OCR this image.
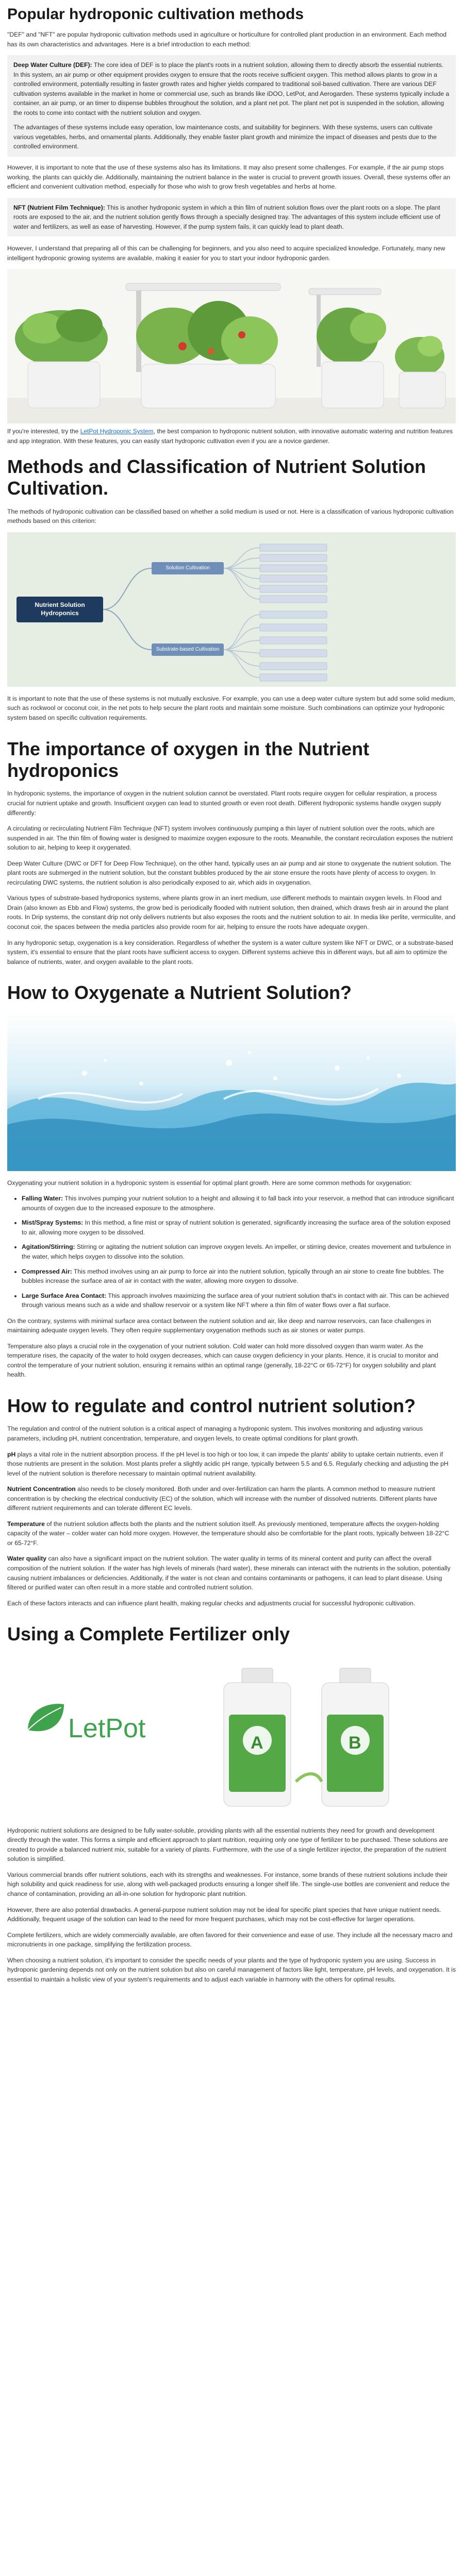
Popular hydroponic cultivation methods

"DEF" and "NFT" are popular hydroponic cultivation methods used in agriculture or horticulture for controlled plant production in an environment. Each method has its own characteristics and advantages. Here is a brief introduction to each method:

Deep Water Culture (DEF): The core idea of DEF is to place the plant's roots in a nutrient solution, allowing them to directly absorb the essential nutrients. In this system, an air pump or other equipment provides oxygen to ensure that the roots receive sufficient oxygen. This method allows plants to grow in a controlled environment, potentially resulting in faster growth rates and higher yields compared to traditional soil-based cultivation. There are various DEF cultivation systems available in the market in home or commercial use, such as brands like iDOO, LetPot, and Aerogarden. These systems typically include a container, an air pump, or an timer to dispense bubbles throughout the solution, and a plant net pot. The plant net pot is suspended in the solution, allowing the roots to come into contact with the nutrient solution and oxygen.

The advantages of these systems include easy operation, low maintenance costs, and suitability for beginners. With these systems, users can cultivate various vegetables, herbs, and ornamental plants. Additionally, they enable faster plant growth and minimize the impact of diseases and pests due to the controlled environment.

However, it is important to note that the use of these systems also has its limitations. It may also present some challenges. For example, if the air pump stops working, the plants can quickly die. Additionally, maintaining the nutrient balance in the water is crucial to prevent growth issues. Overall, these systems offer an efficient and convenient cultivation method, especially for those who wish to grow fresh vegetables and herbs at home.

NFT (Nutrient Film Technique): This is another hydroponic system in which a thin film of nutrient solution flows over the plant roots on a slope. The plant roots are exposed to the air, and the nutrient solution gently flows through a specially designed tray. The advantages of this system include efficient use of water and fertilizers, as well as ease of harvesting. However, if the pump system fails, it can quickly lead to plant death.

However, I understand that preparing all of this can be challenging for beginners, and you also need to acquire specialized knowledge. Fortunately, many new intelligent hydroponic growing systems are available, making it easier for you to start your indoor hydroponic garden.

If you're interested, try the LetPot Hydroponic System, the best companion to hydroponic nutrient solution, with innovative automatic watering and nutrition features and app integration. With these features, you can easily start hydroponic cultivation even if you are a novice gardener.
Methods and Classification of Nutrient Solution Cultivation.

The methods of hydroponic cultivation can be classified based on whether a solid medium is used or not. Here is a classification of various hydroponic cultivation methods based on this criterion:

Nutrient Solution Hydroponics
Solution Cultivation
Substrate-based Cultivation

It is important to note that the use of these systems is not mutually exclusive. For example, you can use a deep water culture system but add some solid medium, such as rockwool or coconut coir, in the net pots to help secure the plant roots and maintain some moisture. Such combinations can optimize your hydroponic system based on specific cultivation requirements.

The importance of oxygen in the Nutrient hydroponics

In hydroponic systems, the importance of oxygen in the nutrient solution cannot be overstated. Plant roots require oxygen for cellular respiration, a process crucial for nutrient uptake and growth. Insufficient oxygen can lead to stunted growth or even root death. Different hydroponic systems handle oxygen supply differently:

A circulating or recirculating Nutrient Film Technique (NFT) system involves continuously pumping a thin layer of nutrient solution over the roots, which are suspended in air. The thin film of flowing water is designed to maximize oxygen exposure to the roots. Meanwhile, the constant recirculation exposes the nutrient solution to air, helping to keep it oxygenated.

Deep Water Culture (DWC or DFT for Deep Flow Technique), on the other hand, typically uses an air pump and air stone to oxygenate the nutrient solution. The plant roots are submerged in the nutrient solution, but the constant bubbles produced by the air stone ensure the roots have plenty of access to oxygen. In recirculating DWC systems, the nutrient solution is also periodically exposed to air, which aids in oxygenation.

Various types of substrate-based hydroponics systems, where plants grow in an inert medium, use different methods to maintain oxygen levels. In Flood and Drain (also known as Ebb and Flow) systems, the grow bed is periodically flooded with nutrient solution, then drained, which draws fresh air in around the plant roots. In Drip systems, the constant drip not only delivers nutrients but also exposes the roots and the nutrient solution to air. In media like perlite, vermiculite, and coconut coir, the spaces between the media particles also provide room for air, helping to ensure the roots have adequate oxygen.

In any hydroponic setup, oxygenation is a key consideration. Regardless of whether the system is a water culture system like NFT or DWC, or a substrate-based system, it's essential to ensure that the plant roots have sufficient access to oxygen. Different systems achieve this in different ways, but all aim to optimize the balance of nutrients, water, and oxygen available to the plant roots.

How to Oxygenate a Nutrient Solution?

Oxygenating your nutrient solution in a hydroponic system is essential for optimal plant growth. Here are some common methods for oxygenation:

• Falling Water: This involves pumping your nutrient solution to a height and allowing it to fall back into your reservoir, a method that can introduce significant amounts of oxygen due to the increased exposure to the atmosphere.
• Mist/Spray Systems: In this method, a fine mist or spray of nutrient solution is generated, significantly increasing the surface area of the solution exposed to air, allowing more oxygen to be dissolved.
• Agitation/Stirring: Stirring or agitating the nutrient solution can improve oxygen levels. An impeller, or stirring device, creates movement and turbulence in the water, which helps oxygen to dissolve into the solution.
• Compressed Air: This method involves using an air pump to force air into the nutrient solution, typically through an air stone to create fine bubbles. The bubbles increase the surface area of air in contact with the water, allowing more oxygen to dissolve.
• Large Surface Area Contact: This approach involves maximizing the surface area of your nutrient solution that's in contact with air. This can be achieved through various means such as a wide and shallow reservoir or a system like NFT where a thin film of water flows over a flat surface.

On the contrary, systems with minimal surface area contact between the nutrient solution and air, like deep and narrow reservoirs, can face challenges in maintaining adequate oxygen levels. They often require supplementary oxygenation methods such as air stones or water pumps.

Temperature also plays a crucial role in the oxygenation of your nutrient solution. Cold water can hold more dissolved oxygen than warm water. As the temperature rises, the capacity of the water to hold oxygen decreases, which can cause oxygen deficiency in your plants. Hence, it is crucial to monitor and control the temperature of your nutrient solution, ensuring it remains within an optimal range (generally, 18-22°C or 65-72°F) for oxygen solubility and plant health.

How to regulate and control nutrient solution?

The regulation and control of the nutrient solution is a critical aspect of managing a hydroponic system. This involves monitoring and adjusting various parameters, including pH, nutrient concentration, temperature, and oxygen levels, to create optimal conditions for plant growth.

pH plays a vital role in the nutrient absorption process. If the pH level is too high or too low, it can impede the plants' ability to uptake certain nutrients, even if those nutrients are present in the solution. Most plants prefer a slightly acidic pH range, typically between 5.5 and 6.5. Regularly checking and adjusting the pH level of the nutrient solution is therefore necessary to maintain optimal nutrient availability.

Nutrient Concentration also needs to be closely monitored. Both under and over-fertilization can harm the plants. A common method to measure nutrient concentration is by checking the electrical conductivity (EC) of the solution, which will increase with the number of dissolved nutrients. Different plants have different nutrient requirements and can tolerate different EC levels.

Temperature of the nutrient solution affects both the plants and the nutrient solution itself. As previously mentioned, temperature affects the oxygen-holding capacity of the water – colder water can hold more oxygen. However, the temperature should also be comfortable for the plant roots, typically between 18-22°C or 65-72°F.

Water quality can also have a significant impact on the nutrient solution. The water quality in terms of its mineral content and purity can affect the overall composition of the nutrient solution. If the water has high levels of minerals (hard water), these minerals can interact with the nutrients in the solution, potentially causing nutrient imbalances or deficiencies. Additionally, if the water is not clean and contains contaminants or pathogens, it can lead to plant disease. Using filtered or purified water can often result in a more stable and controlled nutrient solution.

Each of these factors interacts and can influence plant health, making regular checks and adjustments crucial for successful hydroponic cultivation.

Using a Complete Fertilizer only
LetPot	A	B

Hydroponic nutrient solutions are designed to be fully water-soluble, providing plants with all the essential nutrients they need for growth and development directly through the water. This forms a simple and efficient approach to plant nutrition, requiring only one type of fertilizer to be purchased. These solutions are created to provide a balanced nutrient mix, suitable for a variety of plants. Furthermore, with the use of a single fertilizer injector, the preparation of the nutrient solution is simplified.

Various commercial brands offer nutrient solutions, each with its strengths and weaknesses. For instance, some brands of these nutrient solutions include their high solubility and quick readiness for use, along with well-packaged products ensuring a longer shelf life. The single-use bottles are convenient and reduce the chance of contamination, providing an all-in-one solution for hydroponic plant nutrition.

However, there are also potential drawbacks. A general-purpose nutrient solution may not be ideal for specific plant species that have unique nutrient needs. Additionally, frequent usage of the solution can lead to the need for more frequent purchases, which may not be cost-effective for larger operations.

Complete fertilizers, which are widely commercially available, are often favored for their convenience and ease of use. They include all the necessary macro and micronutrients in one package, simplifying the fertilization process.

When choosing a nutrient solution, it's important to consider the specific needs of your plants and the type of hydroponic system you are using. Success in hydroponic gardening depends not only on the nutrient solution but also on careful management of factors like light, temperature, pH levels, and oxygenation. It is essential to maintain a holistic view of your system's requirements and to adjust each variable in harmony with the others for optimal results.
